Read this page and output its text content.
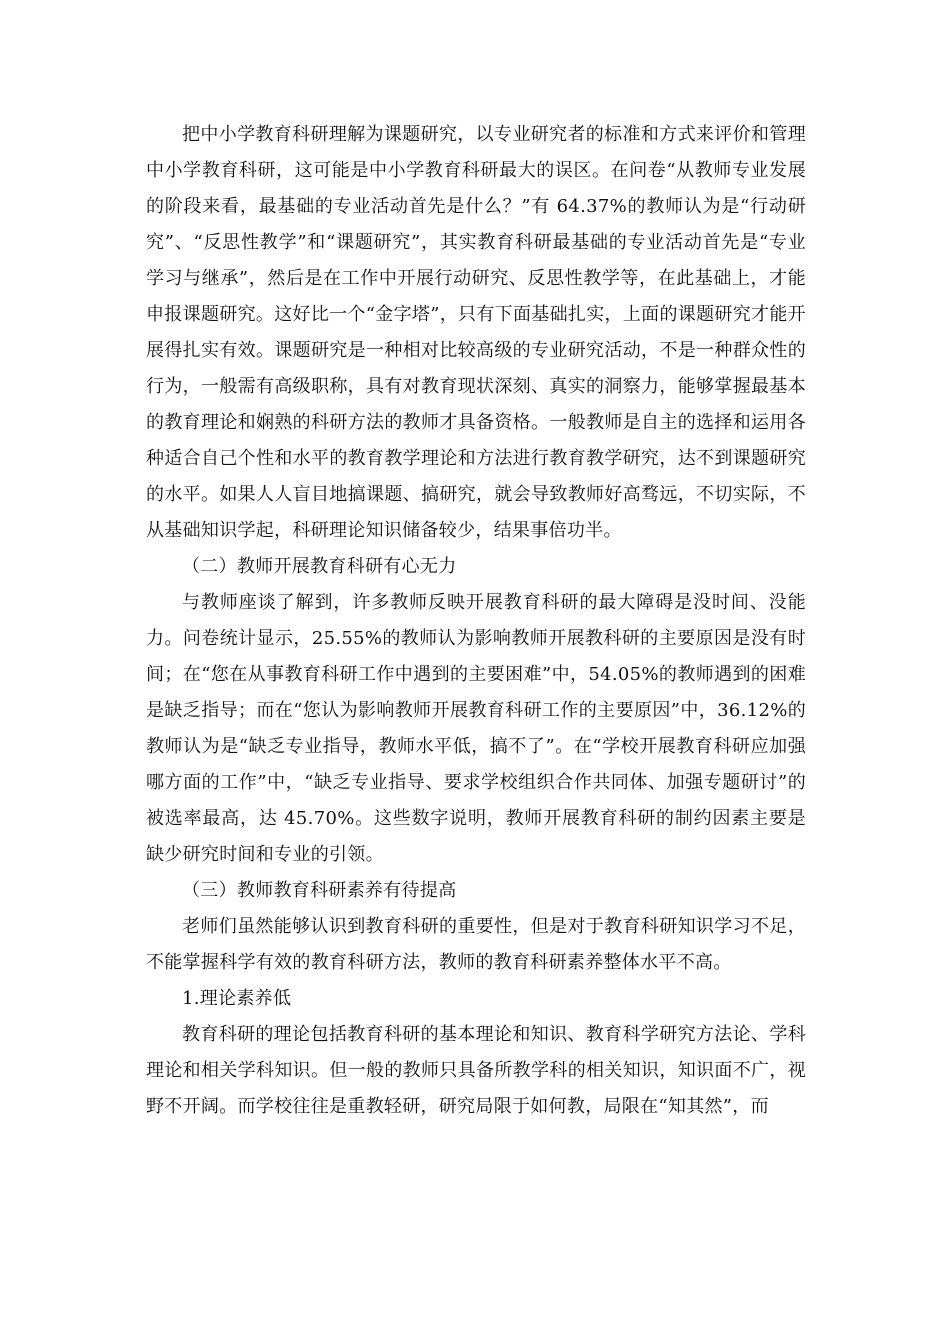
把中小学教育科研理解为课题研究，以专业研究者的标准和方式来评价和管理中小学教育科研，这可能是中小学教育科研最大的误区。在问卷“从教师专业发展的阶段来看，最基础的专业活动首先是什么？”有 64.37%的教师认为是“行动研究”、“反思性教学”和“课题研究”，其实教育科研最基础的专业活动首先是“专业学习与继承”，然后是在工作中开展行动研究、反思性教学等，在此基础上，才能申报课题研究。这好比一个“金字塔”，只有下面基础扎实，上面的课题研究才能开展得扎实有效。课题研究是一种相对比较高级的专业研究活动，不是一种群众性的行为，一般需有高级职称，具有对教育现状深刻、真实的洞察力，能够掌握最基本的教育理论和娴熟的科研方法的教师才具备资格。一般教师是自主的选择和运用各种适合自己个性和水平的教育教学理论和方法进行教育教学研究，达不到课题研究的水平。如果人人盲目地搞课题、搞研究，就会导致教师好高骛远，不切实际，不从基础知识学起，科研理论知识储备较少，结果事倍功半。

（二）教师开展教育科研有心无力

与教师座谈了解到，许多教师反映开展教育科研的最大障碍是没时间、没能力。问卷统计显示，25.55%的教师认为影响教师开展教科研的主要原因是没有时间；在“您在从事教育科研工作中遇到的主要困难”中，54.05%的教师遇到的困难是缺乏指导；而在“您认为影响教师开展教育科研工作的主要原因”中，36.12%的教师认为是“缺乏专业指导，教师水平低，搞不了”。在“学校开展教育科研应加强哪方面的工作”中，“缺乏专业指导、要求学校组织合作共同体、加强专题研讨”的被选率最高，达 45.70%。这些数字说明，教师开展教育科研的制约因素主要是缺少研究时间和专业的引领。

（三）教师教育科研素养有待提高

老师们虽然能够认识到教育科研的重要性，但是对于教育科研知识学习不足，不能掌握科学有效的教育科研方法，教师的教育科研素养整体水平不高。

1.理论素养低

教育科研的理论包括教育科研的基本理论和知识、教育科学研究方法论、学科理论和相关学科知识。但一般的教师只具备所教学科的相关知识，知识面不广，视野不开阔。而学校往往是重教轻研，研究局限于如何教，局限在“知其然”，而
